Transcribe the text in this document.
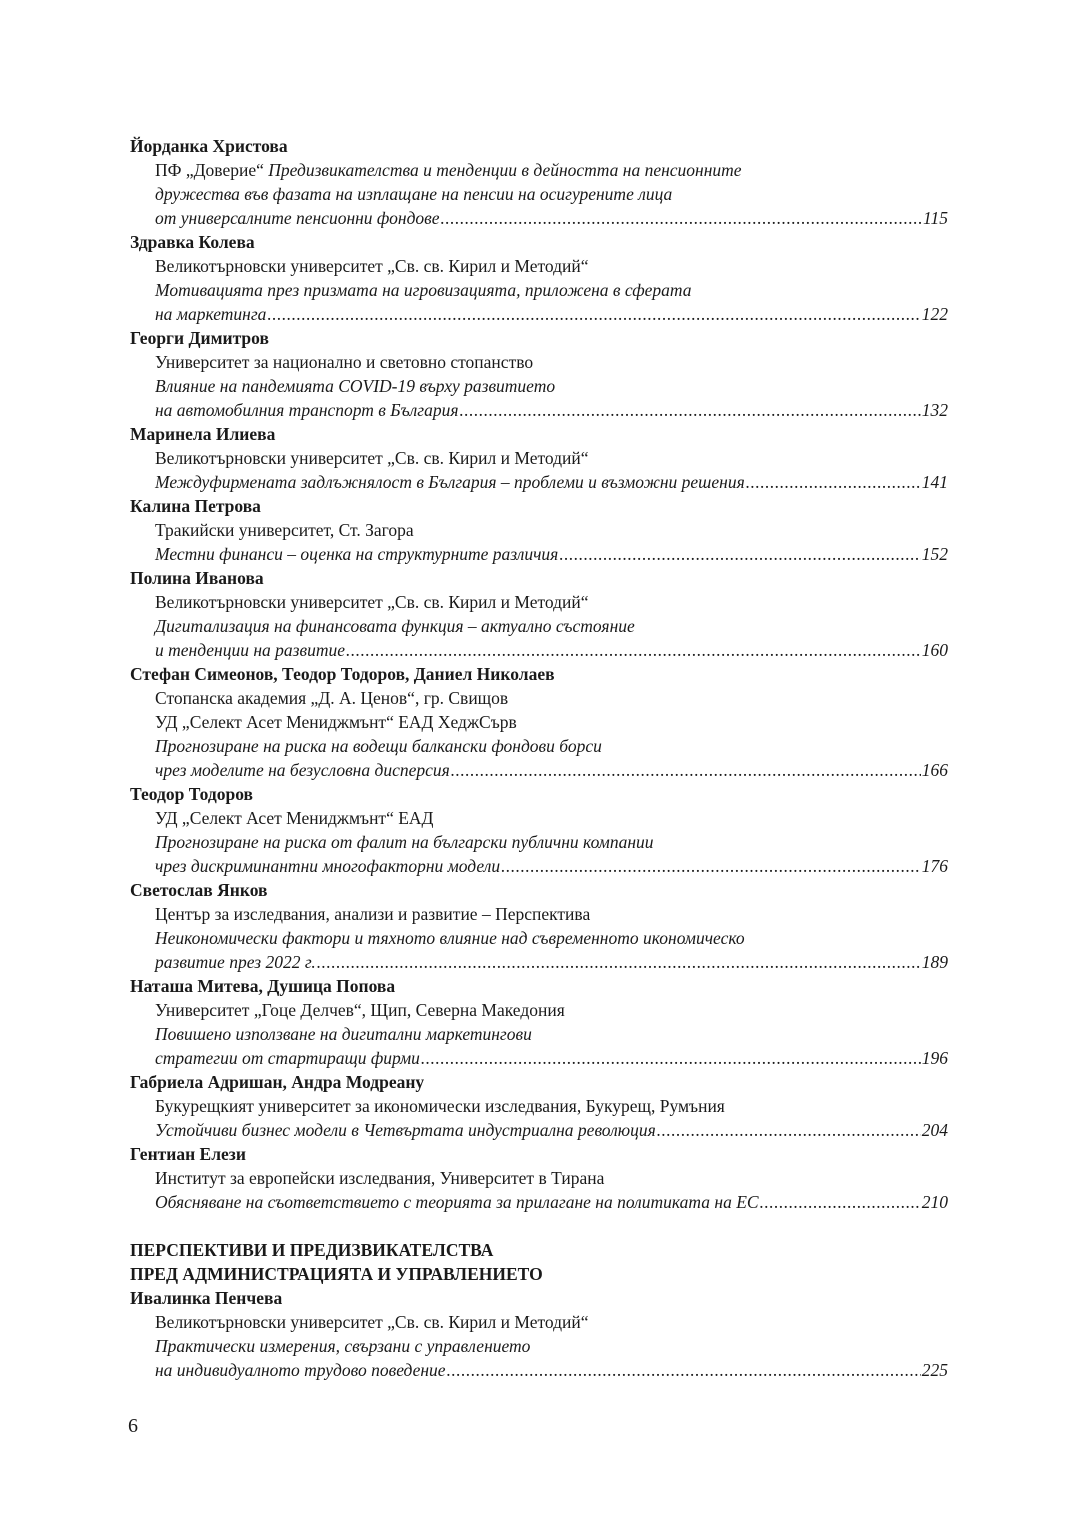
Йорданка Христова
ПФ „Доверие“ Предизвикателства и тенденции в дейността на пенсионните
дружества във фазата на изплащане на пенсии на осигурените лица
от универсалните пенсионни фондове .....	115
Здравка Колева
Великотърновски университет „Св. св. Кирил и Методий“
Мотивацията през призмата на игровизацията, приложена в сферата
на маркетинга .....	122
Георги Димитров
Университет за национално и световно стопанство
Влияние на пандемията COVID-19 върху развитието
на автомобилния транспорт в България .....	132
Маринела Илиева
Великотърновски университет „Св. св. Кирил и Методий“
Междуфирмената задлъжнялост в България – проблеми и възможни решения .....	141
Калина Петрова
Тракийски университет, Ст. Загора
Местни финанси – оценка на структурните различия .....	152
Полина Иванова
Великотърновски университет „Св. св. Кирил и Методий“
Дигитализация на финансовата функция – актуално състояние
и тенденции на развитие .....	160
Стефан Симеонов, Теодор Тодоров, Даниел Николаев
Стопанска академия „Д. А. Ценов“, гр. Свищов
УД „Селект Асет Мениджмънт“ ЕАД ХеджСърв
Прогнозиране на риска на водещи балкански фондови борси
чрез моделите на безусловна дисперсия .....	166
Теодор Тодоров
УД „Селект Асет Мениджмънт“ ЕАД
Прогнозиране на риска от фалит на български публични компании
чрез дискриминантни многофакторни модели .....	176
Светослав Янков
Център за изследвания, анализи и развитие – Перспектива
Неикономически фактори и тяхното влияние над съвременното икономическо
развитие през 2022 г. .....	189
Наташа Митева, Душица Попова
Университет „Гоце Делчев“, Щип, Северна Македония
Повишено използване на дигитални маркетингови
стратегии от стартиращи фирми .....	196
Габриела Адришан, Андра Модреану
Букурещкият университет за икономически изследвания, Букурещ, Румъния
Устойчиви бизнес модели в Четвъртата индустриална революция .....	204
Гентиан Елези
Институт за европейски изследвания, Университет в Тирана
Обясняване на съответствието с теорията за прилагане на политиката на ЕС .....	210
ПЕРСПЕКТИВИ И ПРЕДИЗВИКАТЕЛСТВА
ПРЕД АДМИНИСТРАЦИЯТА И УПРАВЛЕНИЕТО
Ивалинка Пенчева
Великотърновски университет „Св. св. Кирил и Методий“
Практически измерения, свързани с управлението
на индивидуалното трудово поведение .....	225
6
